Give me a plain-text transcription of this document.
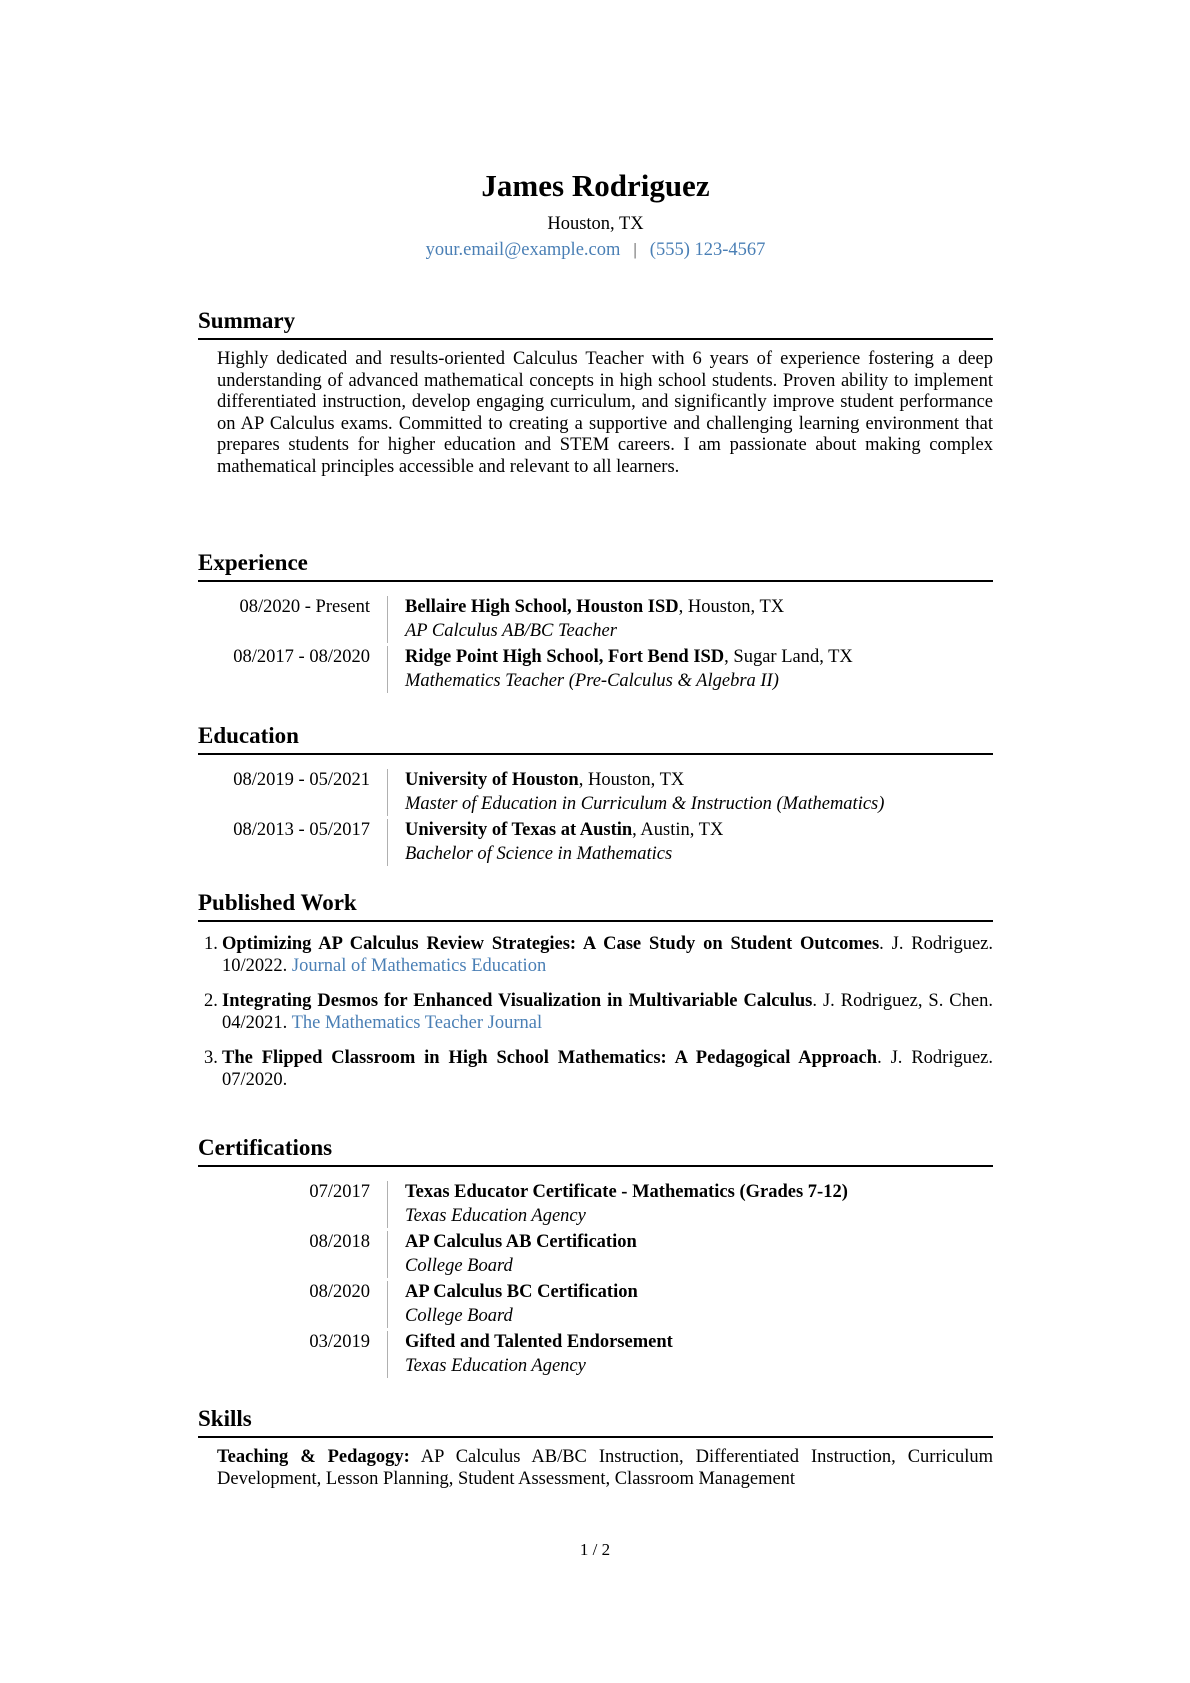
James Rodriguez
Houston, TX
your.email@example.com | (555) 123-4567
Summary

Highly dedicated and results-oriented Calculus Teacher with 6 years of experience fostering a deep understanding of advanced mathematical concepts in high school students. Proven ability to implement differentiated instruction, develop engaging curriculum, and significantly improve student performance on AP Calculus exams. Committed to creating a supportive and challenging learning environment that prepares students for higher education and STEM careers. I am passionate about making complex mathematical principles accessible and relevant to all learners.

Experience
08/2020 - Present	Bellaire High School, Houston ISD, Houston, TX
AP Calculus AB/BC Teacher
08/2017 - 08/2020	Ridge Point High School, Fort Bend ISD, Sugar Land, TX
Mathematics Teacher (Pre-Calculus & Algebra II)
Education
08/2019 - 05/2021	University of Houston, Houston, TX
Master of Education in Curriculum & Instruction (Mathematics)
08/2013 - 05/2017	University of Texas at Austin, Austin, TX
Bachelor of Science in Mathematics
Published Work
1. Optimizing AP Calculus Review Strategies: A Case Study on Student Outcomes. J. Rodriguez. 10/2022. Journal of Mathematics Education
2. Integrating Desmos for Enhanced Visualization in Multivariable Calculus. J. Rodriguez, S. Chen. 04/2021. The Mathematics Teacher Journal
3. The Flipped Classroom in High School Mathematics: A Pedagogical Approach. J. Rodriguez. 07/2020.
Certifications
07/2017	Texas Educator Certificate - Mathematics (Grades 7-12)
Texas Education Agency
08/2018	AP Calculus AB Certification
College Board
08/2020	AP Calculus BC Certification
College Board
03/2019	Gifted and Talented Endorsement
Texas Education Agency
Skills

Teaching & Pedagogy: AP Calculus AB/BC Instruction, Differentiated Instruction, Curriculum Development, Lesson Planning, Student Assessment, Classroom Management

1 / 2
